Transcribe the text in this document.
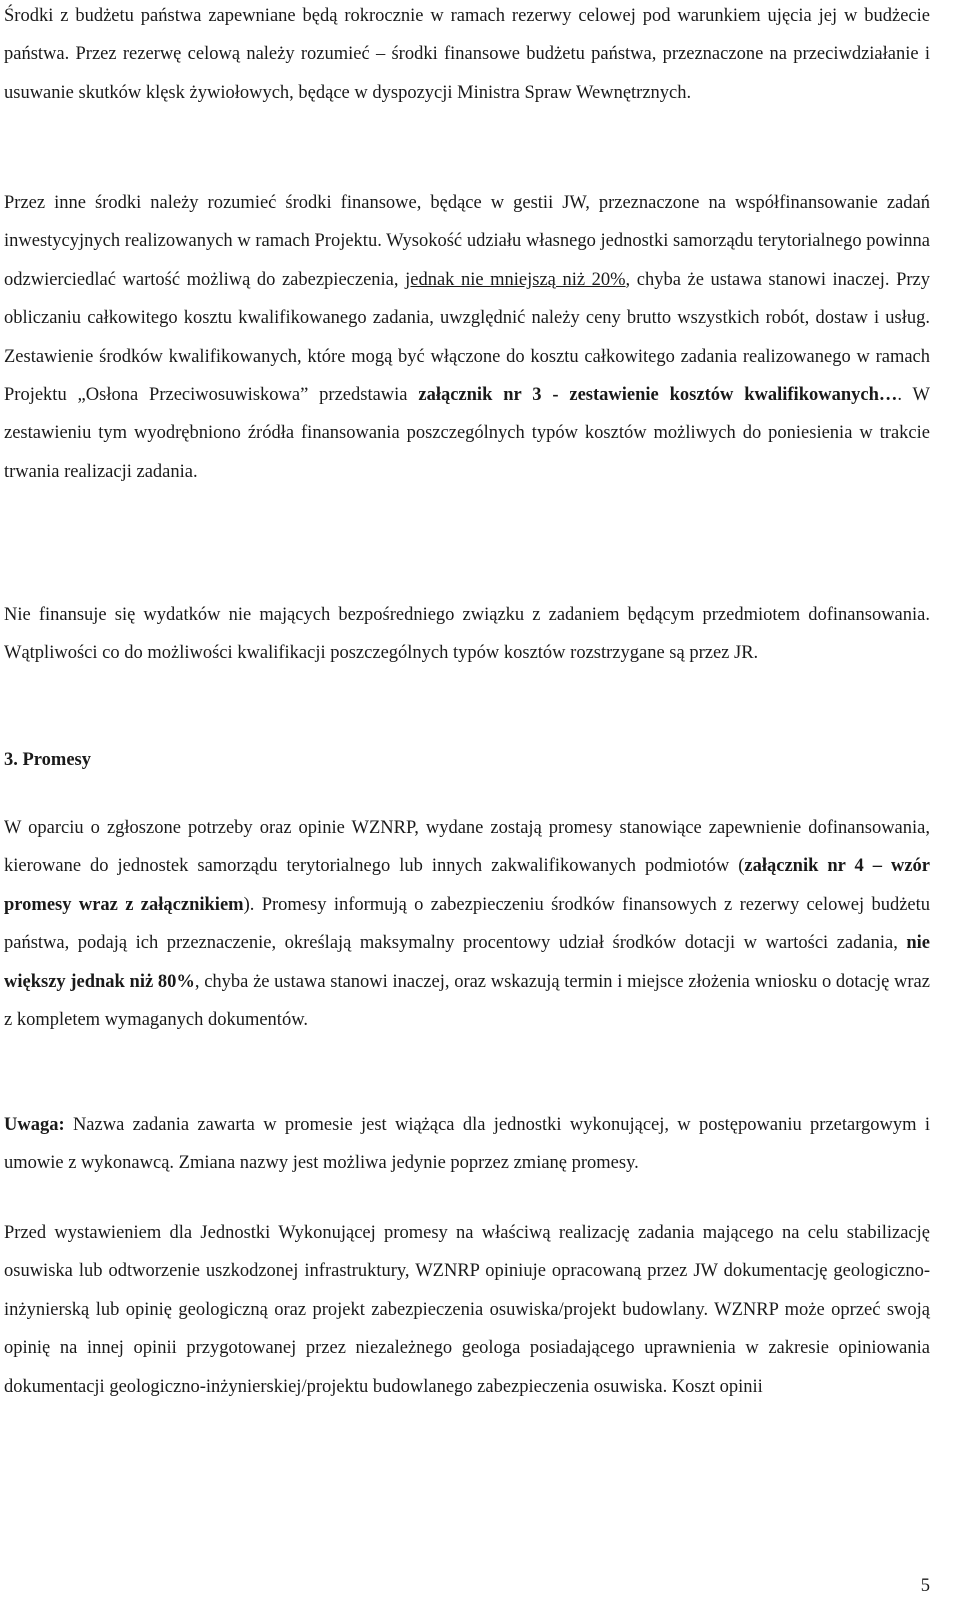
Środki z budżetu państwa zapewniane będą rokrocznie w ramach rezerwy celowej pod warunkiem ujęcia jej w budżecie państwa. Przez rezerwę celową należy rozumieć – środki finansowe budżetu państwa, przeznaczone na przeciwdziałanie i usuwanie skutków klęsk żywiołowych, będące w dyspozycji Ministra Spraw Wewnętrznych.

Przez inne środki należy rozumieć środki finansowe, będące w gestii JW, przeznaczone na współfinansowanie zadań inwestycyjnych realizowanych w ramach Projektu. Wysokość udziału własnego jednostki samorządu terytorialnego powinna odzwierciedlać wartość możliwą do zabezpieczenia, jednak nie mniejszą niż 20%, chyba że ustawa stanowi inaczej. Przy obliczaniu całkowitego kosztu kwalifikowanego zadania, uwzględnić należy ceny brutto wszystkich robót, dostaw i usług. Zestawienie środków kwalifikowanych, które mogą być włączone do kosztu całkowitego zadania realizowanego w ramach Projektu „Osłona Przeciwosuwiskowa” przedstawia załącznik nr 3 - zestawienie kosztów kwalifikowanych…. W zestawieniu tym wyodrębniono źródła finansowania poszczególnych typów kosztów możliwych do poniesienia w trakcie trwania realizacji zadania.

Nie finansuje się wydatków nie mających bezpośredniego związku z zadaniem będącym przedmiotem dofinansowania. Wątpliwości co do możliwości kwalifikacji poszczególnych typów kosztów rozstrzygane są przez JR.

3. Promesy

W oparciu o zgłoszone potrzeby oraz opinie WZNRP, wydane zostają promesy stanowiące zapewnienie dofinansowania, kierowane do jednostek samorządu terytorialnego lub innych zakwalifikowanych podmiotów (załącznik nr 4 – wzór promesy wraz z załącznikiem). Promesy informują o zabezpieczeniu środków finansowych z rezerwy celowej budżetu państwa, podają ich przeznaczenie, określają maksymalny procentowy udział środków dotacji w wartości zadania, nie większy jednak niż 80%, chyba że ustawa stanowi inaczej, oraz wskazują termin i miejsce złożenia wniosku o dotację wraz z kompletem wymaganych dokumentów.

Uwaga: Nazwa zadania zawarta w promesie jest wiążąca dla jednostki wykonującej, w postępowaniu przetargowym i umowie z wykonawcą. Zmiana nazwy jest możliwa jedynie poprzez zmianę promesy.

Przed wystawieniem dla Jednostki Wykonującej promesy na właściwą realizację zadania mającego na celu stabilizację osuwiska lub odtworzenie uszkodzonej infrastruktury, WZNRP opiniuje opracowaną przez JW dokumentację geologiczno-inżynierską lub opinię geologiczną oraz projekt zabezpieczenia osuwiska/projekt budowlany. WZNRP może oprzeć swoją opinię na innej opinii przygotowanej przez niezależnego geologa posiadającego uprawnienia w zakresie opiniowania dokumentacji geologiczno-inżynierskiej/projektu budowlanego zabezpieczenia osuwiska. Koszt opinii

5
